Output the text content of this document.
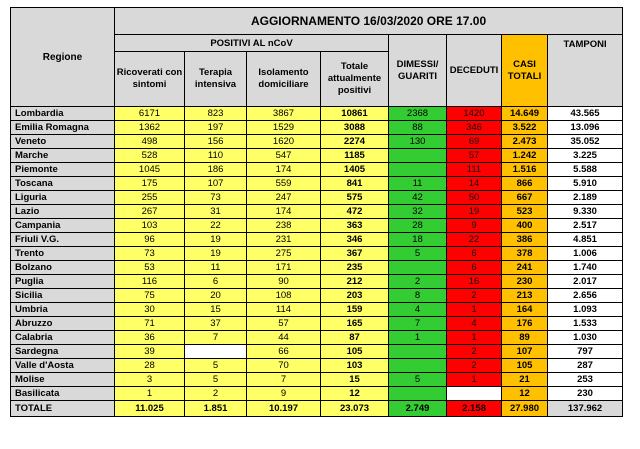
Regione	AGGIORNAMENTO 16/03/2020 ORE 17.00							
	POSITIVI AL nCoV				DIMESSI/ GUARITI	DECEDUTI	CASI TOTALI	TAMPONI
	Ricoverati con sintomi	Terapia intensiva	Isolamento domiciliare	Totale attualmente positivi				
Lombardia	6171	823	3867	10861	2368	1420	14.649	43.565
Emilia Romagna	1362	197	1529	3088	88	346	3.522	13.096
Veneto	498	156	1620	2274	130	69	2.473	35.052
Marche	528	110	547	1185		57	1.242	3.225
Piemonte	1045	186	174	1405		111	1.516	5.588
Toscana	175	107	559	841	11	14	866	5.910
Liguria	255	73	247	575	42	50	667	2.189
Lazio	267	31	174	472	32	19	523	9.330
Campania	103	22	238	363	28	9	400	2.517
Friuli V.G.	96	19	231	346	18	22	386	4.851
Trento	73	19	275	367	5	6	378	1.006
Bolzano	53	11	171	235		6	241	1.740
Puglia	116	6	90	212	2	16	230	2.017
Sicilia	75	20	108	203	8	2	213	2.656
Umbria	30	15	114	159	4	1	164	1.093
Abruzzo	71	37	57	165	7	4	176	1.533
Calabria	36	7	44	87	1	1	89	1.030
Sardegna	39		66	105		2	107	797
Valle d'Aosta	28	5	70	103		2	105	287
Molise	3	5	7	15	5	1	21	253
Basilicata	1	2	9	12			12	230
TOTALE	11.025	1.851	10.197	23.073	2.749	2.158	27.980	137.962
